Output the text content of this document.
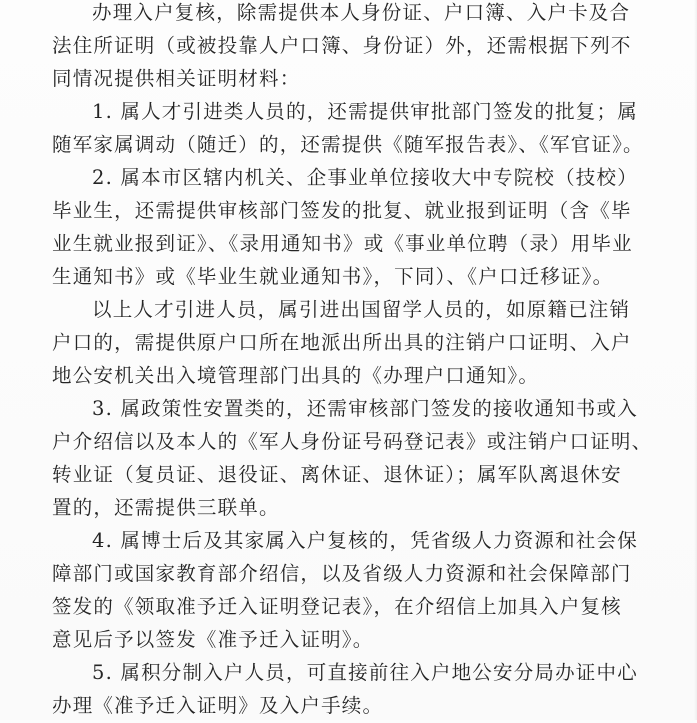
办理入户复核，除需提供本人身份证、户口簿、入户卡及合
法住所证明（或被投靠人户口簿、身份证）外，还需根据下列不
同情况提供相关证明材料：
1. 属人才引进类人员的，还需提供审批部门签发的批复；属
随军家属调动（随迁）的，还需提供《随军报告表》、《军官证》。
2. 属本市区辖内机关、企事业单位接收大中专院校（技校）
毕业生，还需提供审核部门签发的批复、就业报到证明（含《毕
业生就业报到证》、《录用通知书》或《事业单位聘（录）用毕业
生通知书》或《毕业生就业通知书》，下同）、《户口迁移证》。
以上人才引进人员，属引进出国留学人员的，如原籍已注销
户口的，需提供原户口所在地派出所出具的注销户口证明、入户
地公安机关出入境管理部门出具的《办理户口通知》。
3. 属政策性安置类的，还需审核部门签发的接收通知书或入
户介绍信以及本人的《军人身份证号码登记表》或注销户口证明、
转业证（复员证、退役证、离休证、退休证）；属军队离退休安
置的，还需提供三联单。
4. 属博士后及其家属入户复核的，凭省级人力资源和社会保
障部门或国家教育部介绍信，以及省级人力资源和社会保障部门
签发的《领取准予迁入证明登记表》，在介绍信上加具入户复核
意见后予以签发《准予迁入证明》。
5. 属积分制入户人员，可直接前往入户地公安分局办证中心
办理《准予迁入证明》及入户手续。
